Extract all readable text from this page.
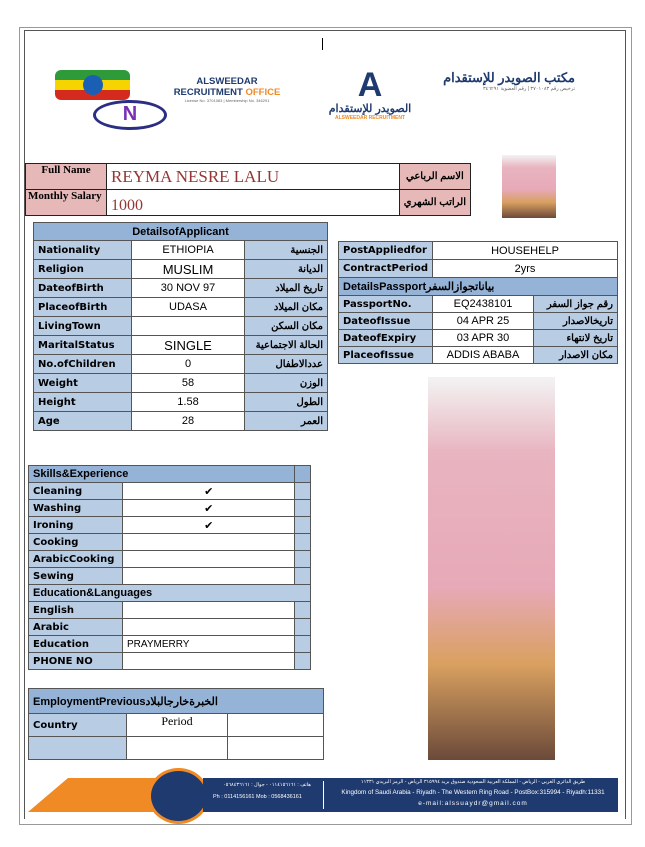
N
ALSWEEDAR
RECRUITMENT OFFICE
License No. 3701083 | Membership No. 346291	A
الصويدر للإستقدام
ALSWEEDAR RECRUITMENT
مكتب الصويدر للإستقدام
ترخيص رقم ٣٧٠١٠٨٣ | رقم العضوية ٣٤٦٢٩١
Full Name	REYMA NESRE LALU	الاسم الرباعي
Monthly Salary	1000	الراتب الشهري
DetailsofApplicant		
Nationality	ETHIOPIA	الجنسية
Religion	MUSLIM	الديانة
DateofBirth	30 NOV 97	تاريخ الميلاد
PlaceofBirth	UDASA	مكان الميلاد
LivingTown		مكان السكن
MaritalStatus	SINGLE	الحالة الاجتماعية
No.ofChildren	0	عددالاطفال
Weight	58	الوزن
Height	1.58	الطول
Age	28	العمر
PostAppliedfor	HOUSEHELP	
ContractPeriod	2yrs	
DetailsPassportبياناتجوازالسفر		
PassportNo.	EQ2438101	رقم جواز السفر
DateofIssue	04 APR 25	تاريخالاصدار
DateofExpiry	03 APR 30	تاريخ لانتهاء
PlaceofIssue	ADDIS ABABA	مكان الاصدار
Skills&Experience		
Cleaning	✔	
Washing	✔	
Ironing	✔	
Cooking		
ArabicCooking		
Sewing		
Education&Languages		
English		
Arabic		
Education	PRAYMERRY	
PHONE NO		
EmploymentPreviousالخبرةخارجالبلاد		
Country	Period	

هاتف : ٠١١٤١٥٦١٦١ - جوال : ٠٥٦٨٤٣٦١٦١
Ph : 0114156161 Mob : 0568436161
طريق الدائري الغربي - الرياض - المملكة العربية السعودية صندوق بريد ٣١٥٩٩٤ الرياض - الرمز البريدي ١١٣٣١
Kingdom of Saudi Arabia - Riyadh - The Western Ring Road - PostBox:315994 - Riyadh:11331
e-mail:alssuaydr@gmail.com
